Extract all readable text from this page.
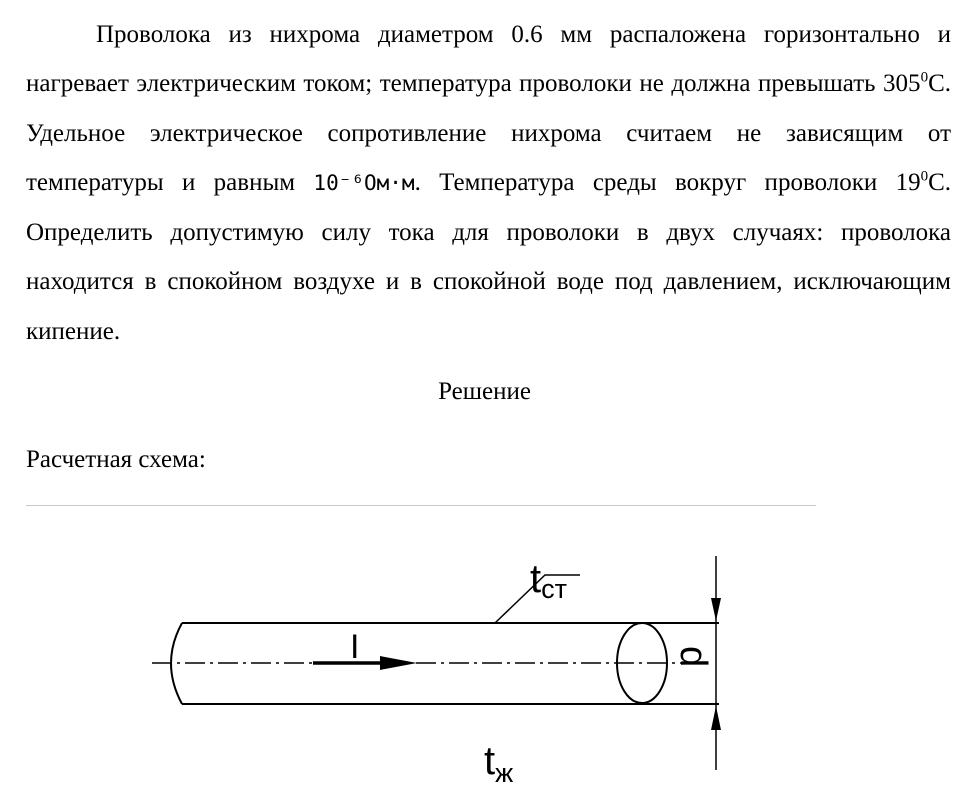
Проволока из нихрома диаметром 0.6 мм распаложена горизонтально и нагревает электрическим током; температура проволоки не должна превышать $305^0С$. Удельное электрическое сопротивление нихрома считаем не зависящим от температуры и равным 10⁻⁶Ом·м. Температура среды вокруг проволоки $19^0С$. Определить допустимую силу тока для проволоки в двух случаях: проволока находится в спокойном воздухе и в спокойной воде под давлением, исключающим кипение.

Решение

Расчетная схема:

I
tст
$t_ж$
d
